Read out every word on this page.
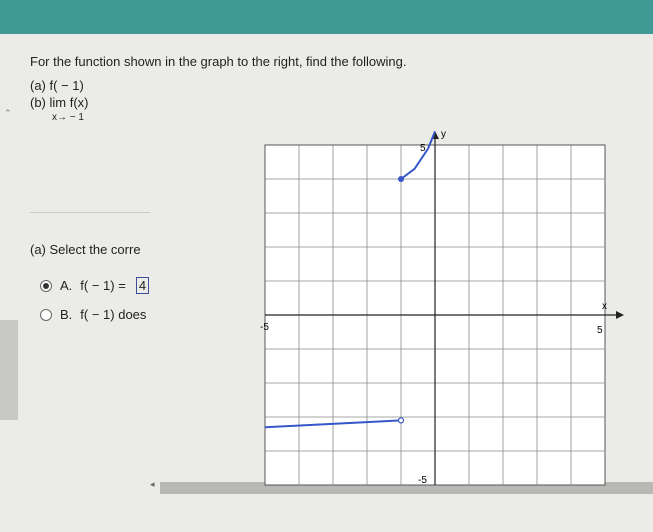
For the function shown in the graph to the right, find the following.
(a) f( − 1)
(b) lim f(x)
x→ − 1
(a) Select the corre
A. f( − 1) = 4
B. f( − 1) does
⌃
◂
y
x
5
-5
-5	5
